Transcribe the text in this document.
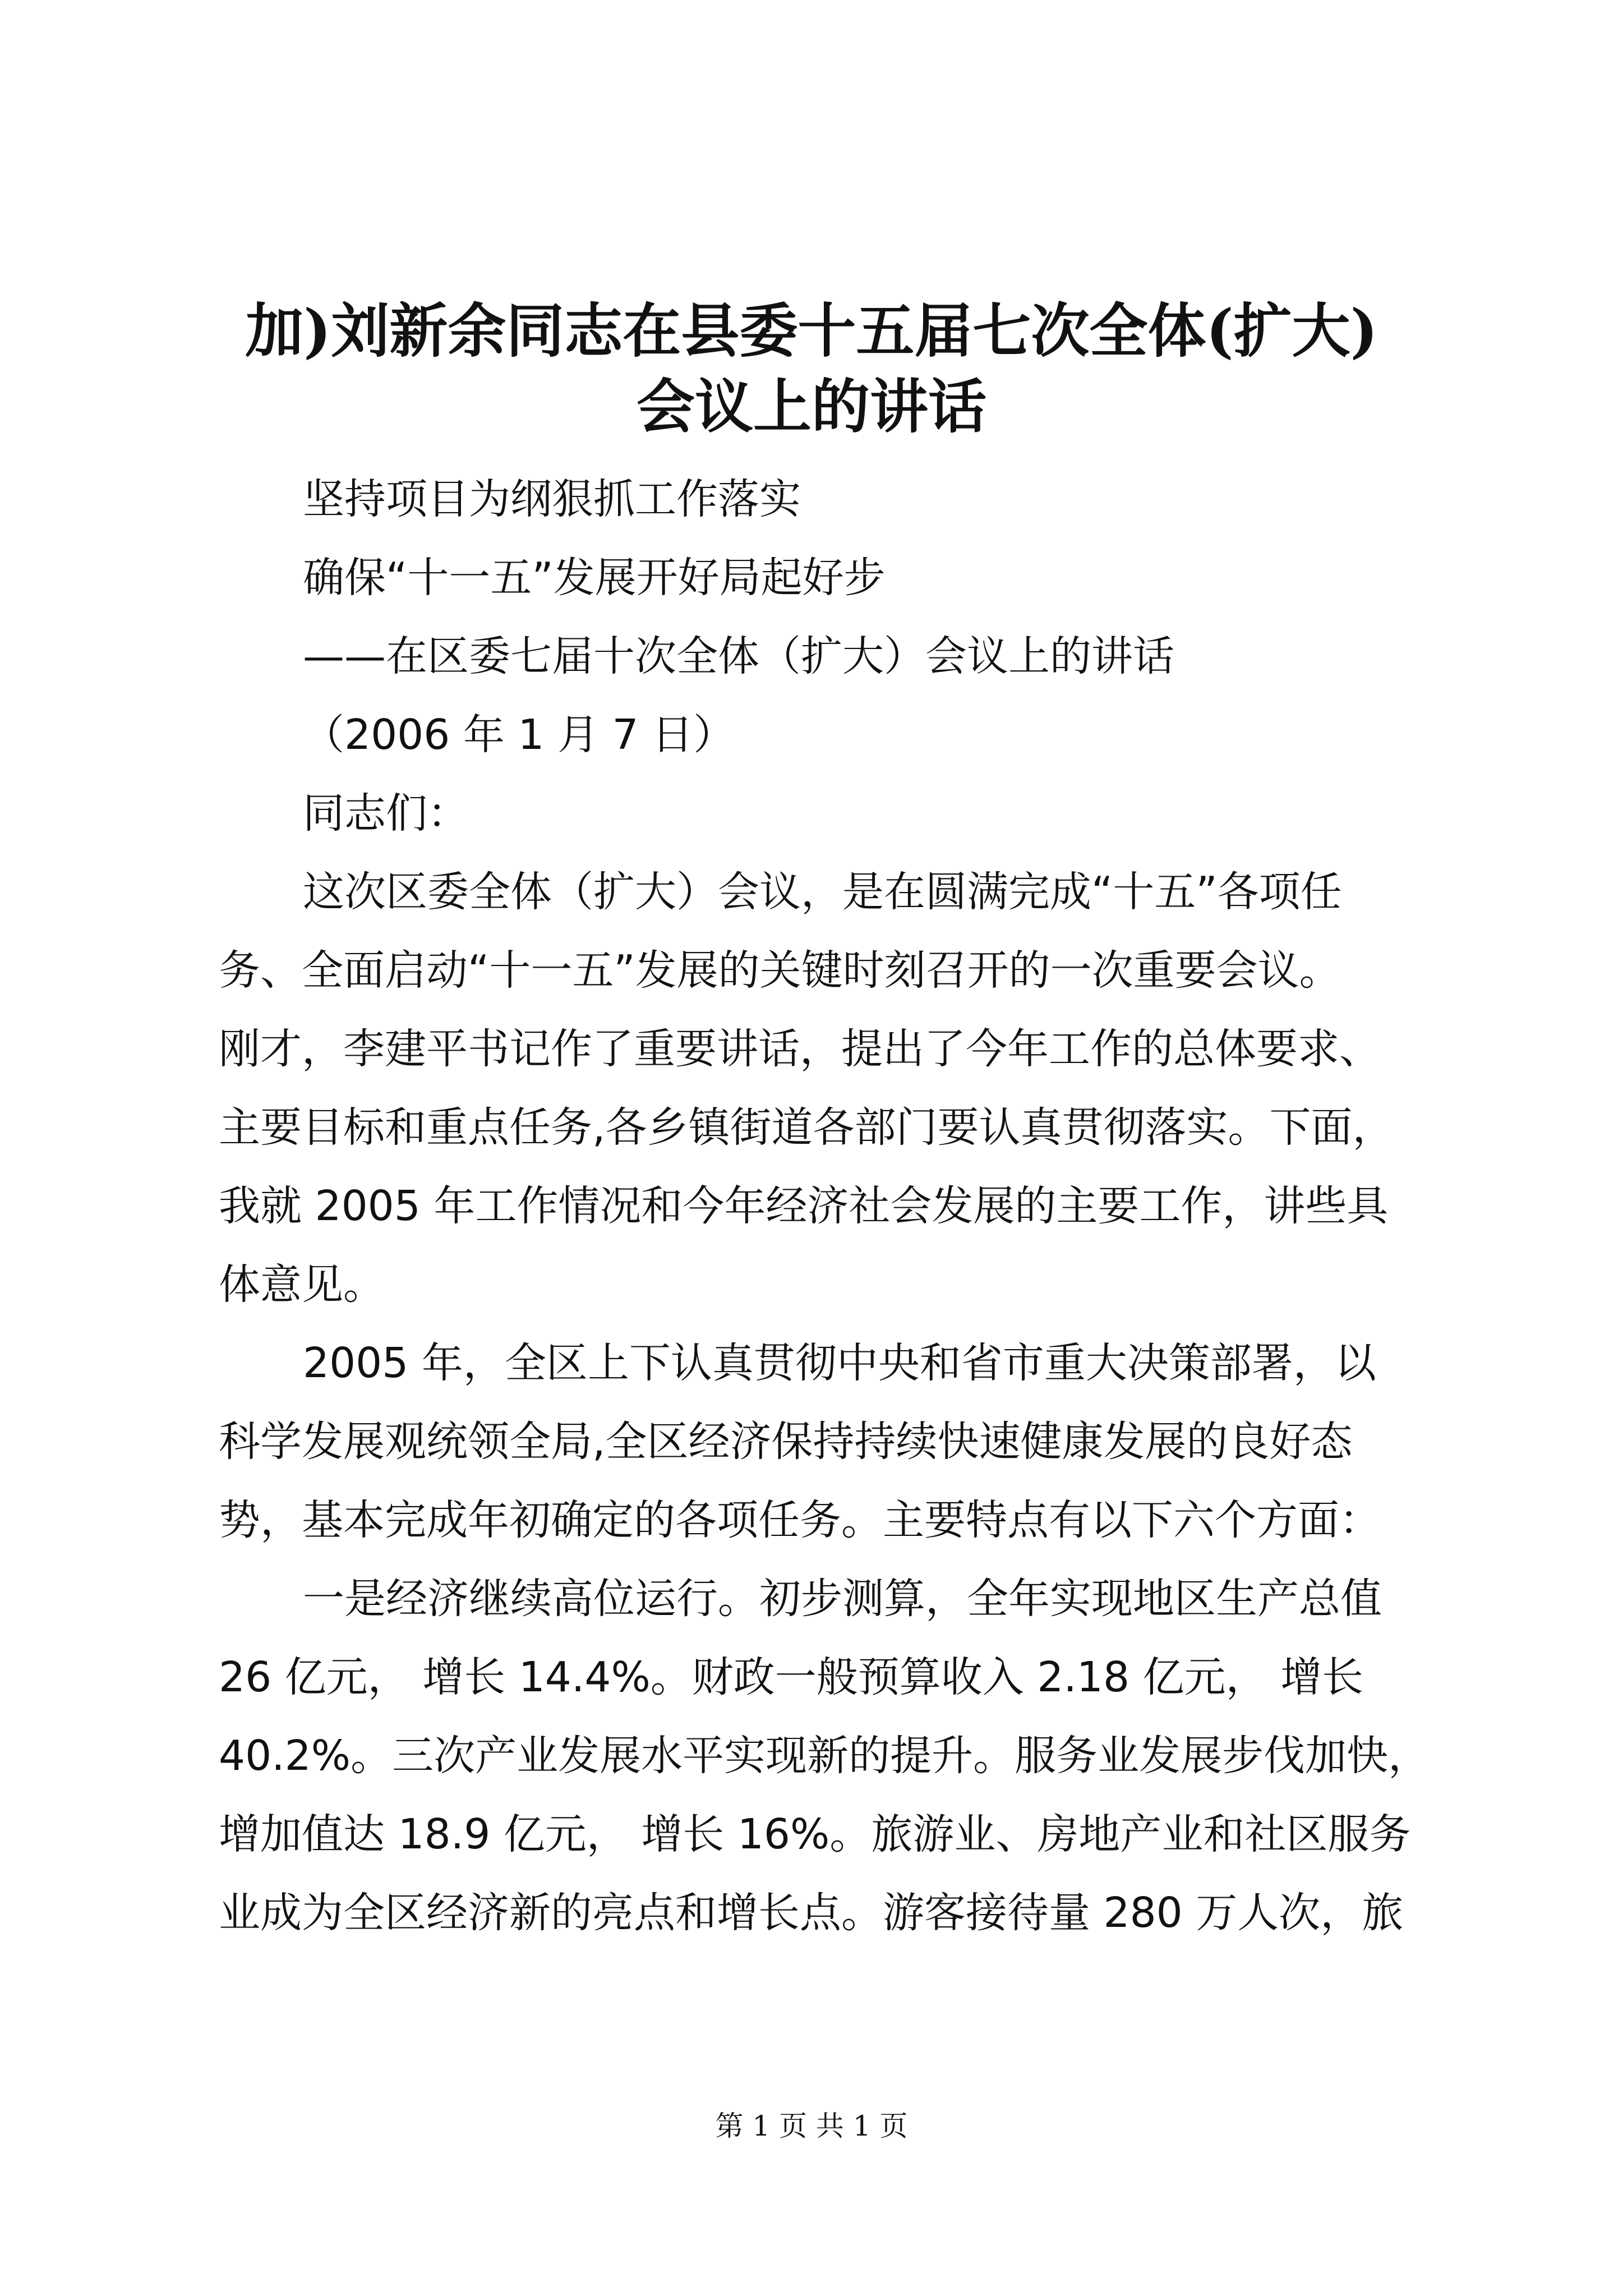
加)刘新余同志在县委十五届七次全体(扩大)
会议上的讲话

坚持项目为纲狠抓工作落实

确保“十一五”发展开好局起好步

——在区委七届十次全体（扩大）会议上的讲话

（2006 年 1 月 7 日）

同志们：

这次区委全体（扩大）会议，是在圆满完成“十五”各项任

务、全面启动“十一五”发展的关键时刻召开的一次重要会议。

刚才，李建平书记作了重要讲话，提出了今年工作的总体要求、

主要目标和重点任务,各乡镇街道各部门要认真贯彻落实。下面，

我就 2005 年工作情况和今年经济社会发展的主要工作，讲些具

体意见。

2005 年，全区上下认真贯彻中央和省市重大决策部署，以

科学发展观统领全局,全区经济保持持续快速健康发展的良好态

势，基本完成年初确定的各项任务。主要特点有以下六个方面：

一是经济继续高位运行。初步测算，全年实现地区生产总值

26 亿元， 增长 14.4%。财政一般预算收入 2.18 亿元， 增长

40.2%。三次产业发展水平实现新的提升。服务业发展步伐加快，

增加值达 18.9 亿元， 增长 16%。旅游业、房地产业和社区服务

业成为全区经济新的亮点和增长点。游客接待量 280 万人次，旅

第 1 页 共 1 页
